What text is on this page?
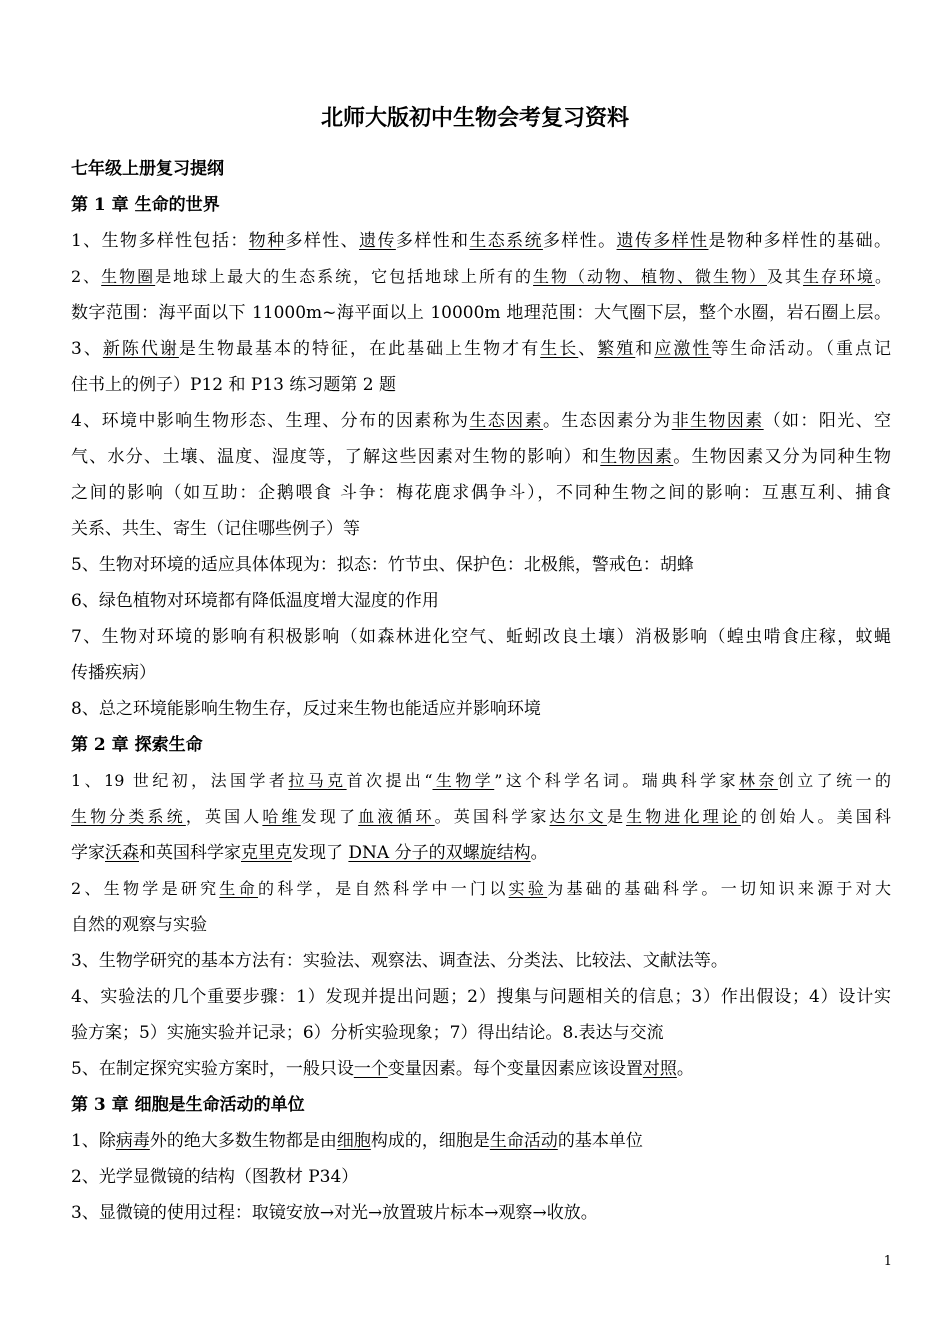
北师大版初中生物会考复习资料
七年级上册复习提纲
第 1 章 生命的世界
1、生物多样性包括：物种多样性、遗传多样性和生态系统多样性。遗传多样性是物种多样性的基础。
2、生物圈是地球上最大的生态系统，它包括地球上所有的生物（动物、植物、微生物）及其生存环境。
数字范围：海平面以下 11000m~海平面以上 10000m 地理范围：大气圈下层，整个水圈，岩石圈上层。
3、新陈代谢是生物最基本的特征，在此基础上生物才有生长、繁殖和应激性等生命活动。（重点记
住书上的例子）P12 和 P13 练习题第 2 题
4、环境中影响生物形态、生理、分布的因素称为生态因素。生态因素分为非生物因素（如：阳光、空
气、水分、土壤、温度、湿度等，了解这些因素对生物的影响）和生物因素。生物因素又分为同种生物
之间的影响（如互助：企鹅喂食 斗争：梅花鹿求偶争斗），不同种生物之间的影响：互惠互利、捕食
关系、共生、寄生（记住哪些例子）等
5、生物对环境的适应具体体现为：拟态：竹节虫、保护色：北极熊，警戒色：胡蜂
6、绿色植物对环境都有降低温度增大湿度的作用
7、生物对环境的影响有积极影响（如森林进化空气、蚯蚓改良土壤）消极影响（蝗虫啃食庄稼，蚊蝇
传播疾病）
8、总之环境能影响生物生存，反过来生物也能适应并影响环境
第 2 章 探索生命
1、19 世纪初，法国学者拉马克首次提出“生物学”这个科学名词。瑞典科学家林奈创立了统一的
生物分类系统，英国人哈维发现了血液循环。英国科学家达尔文是生物进化理论的创始人。美国科
学家沃森和英国科学家克里克发现了 DNA 分子的双螺旋结构。
2、生物学是研究生命的科学，是自然科学中一门以实验为基础的基础科学。一切知识来源于对大
自然的观察与实验
3、生物学研究的基本方法有：实验法、观察法、调查法、分类法、比较法、文献法等。
4、实验法的几个重要步骤：1）发现并提出问题；2）搜集与问题相关的信息；3）作出假设；4）设计实
验方案；5）实施实验并记录；6）分析实验现象；7）得出结论。8.表达与交流
5、在制定探究实验方案时，一般只设一个变量因素。每个变量因素应该设置对照。
第 3 章 细胞是生命活动的单位
1、除病毒外的绝大多数生物都是由细胞构成的，细胞是生命活动的基本单位
2、光学显微镜的结构（图教材 P34）
3、显微镜的使用过程：取镜安放→对光→放置玻片标本→观察→收放。
1
